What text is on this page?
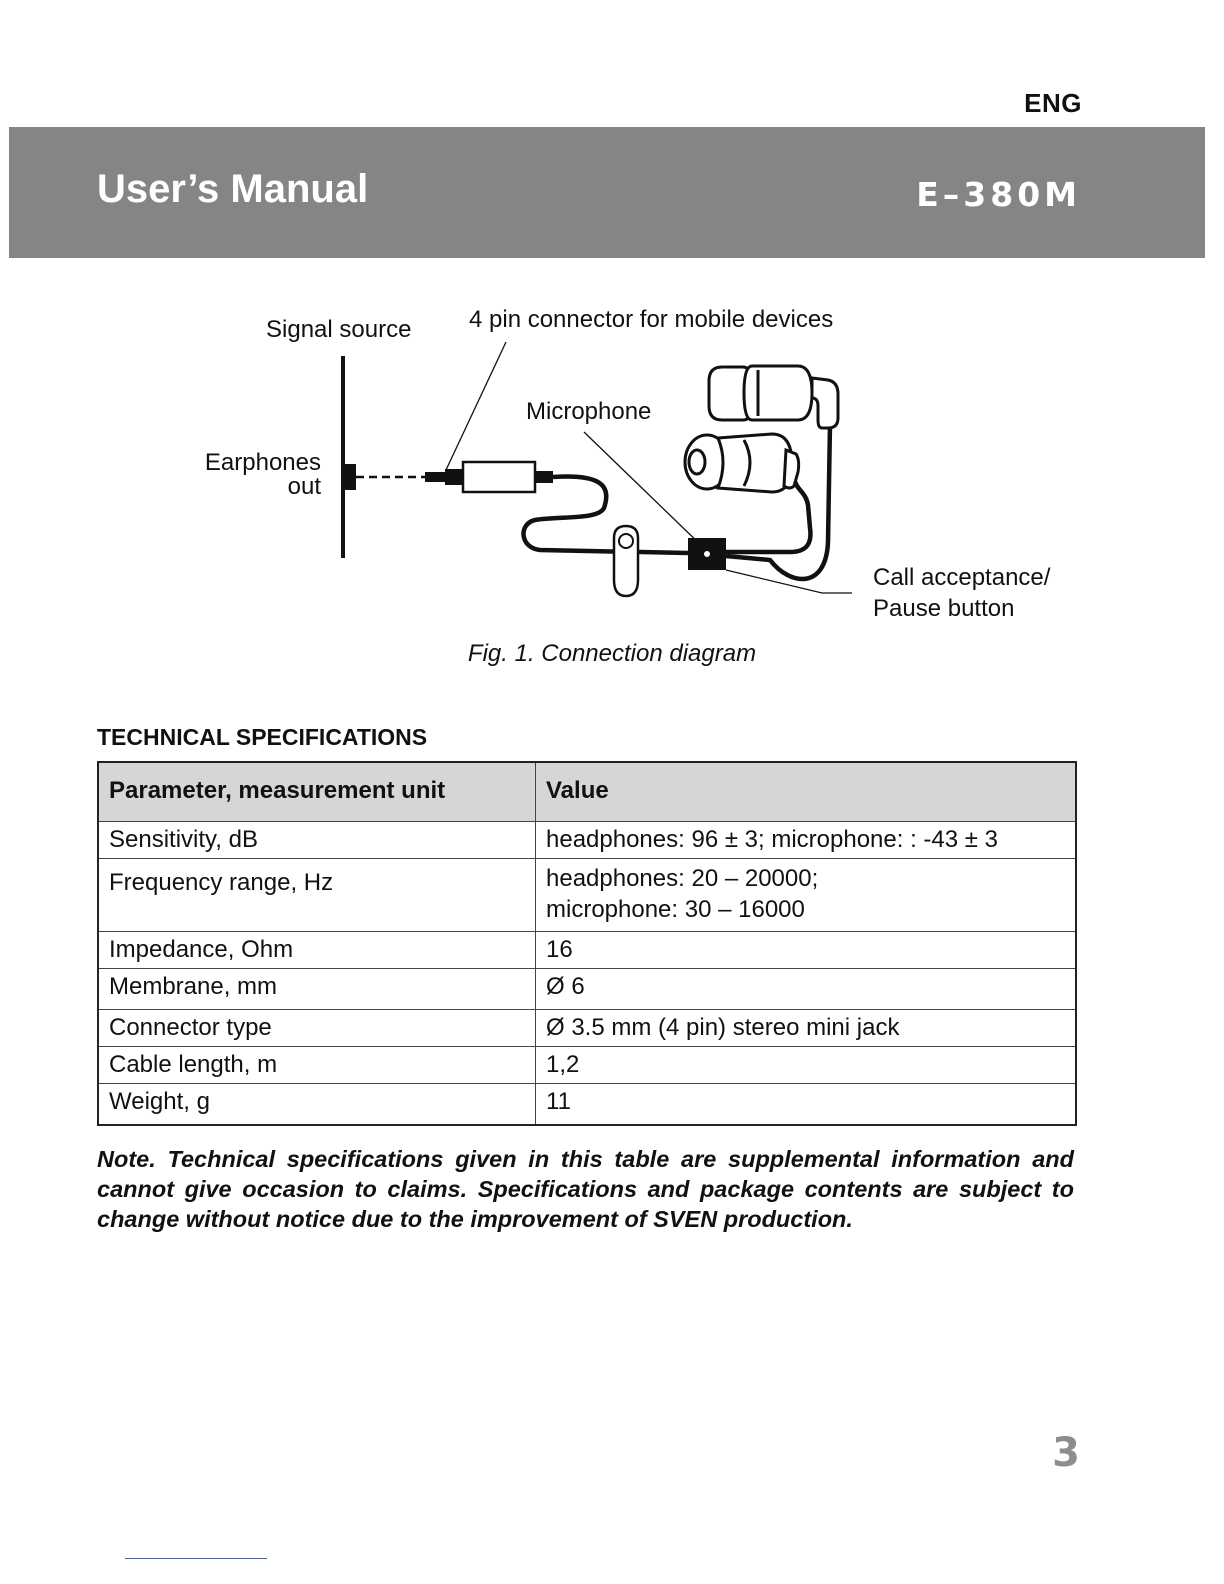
ENG
User’s Manual	E–380M
Signal source 4 pin connector for mobile devices
Microphone
Earphones
out
Call acceptance/
Pause button
Fig. 1. Connection diagram
TECHNICAL SPECIFICATIONS
Parameter, measurement unit	Value
Sensitivity, dB	headphones: 96 ± 3; microphone: : -43 ± 3
Frequency range, Hz	headphones: 20 – 20000;
microphone: 30 – 16000
Impedance, Ohm	16
Membrane, mm	Ø 6
Connector type	Ø 3.5 mm (4 pin) stereo mini jack
Cable length, m	1,2
Weight, g	11
Note. Technical specifications given in this table are supplemental information and cannot give occasion to claims. Specifications and package contents are subject to change without notice due to the improvement of SVEN production.
3
